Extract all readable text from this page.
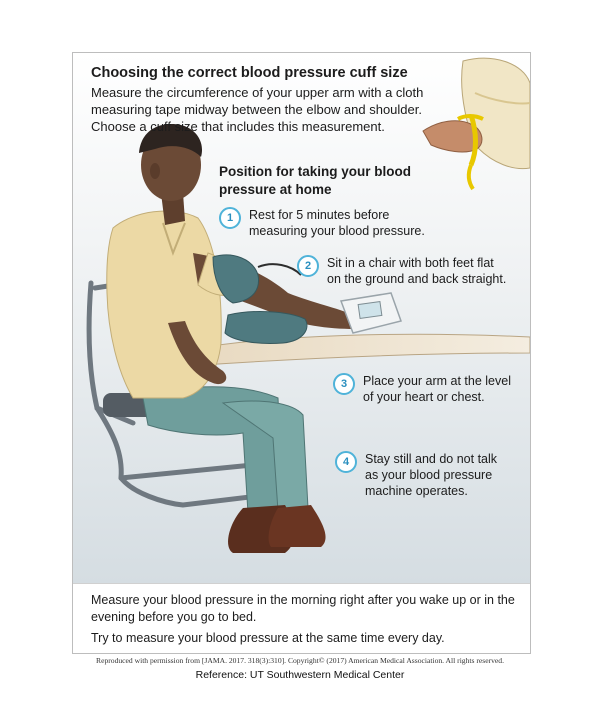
Choosing the correct blood pressure cuff size
Measure the circumference of your upper arm with a cloth measuring tape midway between the elbow and shoulder. Choose a cuff size that includes this measurement.
Position for taking your blood pressure at home
1	Rest for 5 minutes before
measuring your blood pressure.
2	Sit in a chair with both feet flat
on the ground and back straight.
3	Place your arm at the level
of your heart or chest.
4	Stay still and do not talk
as your blood pressure
machine operates.
Measure your blood pressure in the morning right after you wake up or in the evening before you go to bed.
Try to measure your blood pressure at the same time every day.
Reproduced with permission from [JAMA. 2017. 318(3):310]. Copyright© (2017) American Medical Association. All rights reserved.
Reference: UT Southwestern Medical Center
